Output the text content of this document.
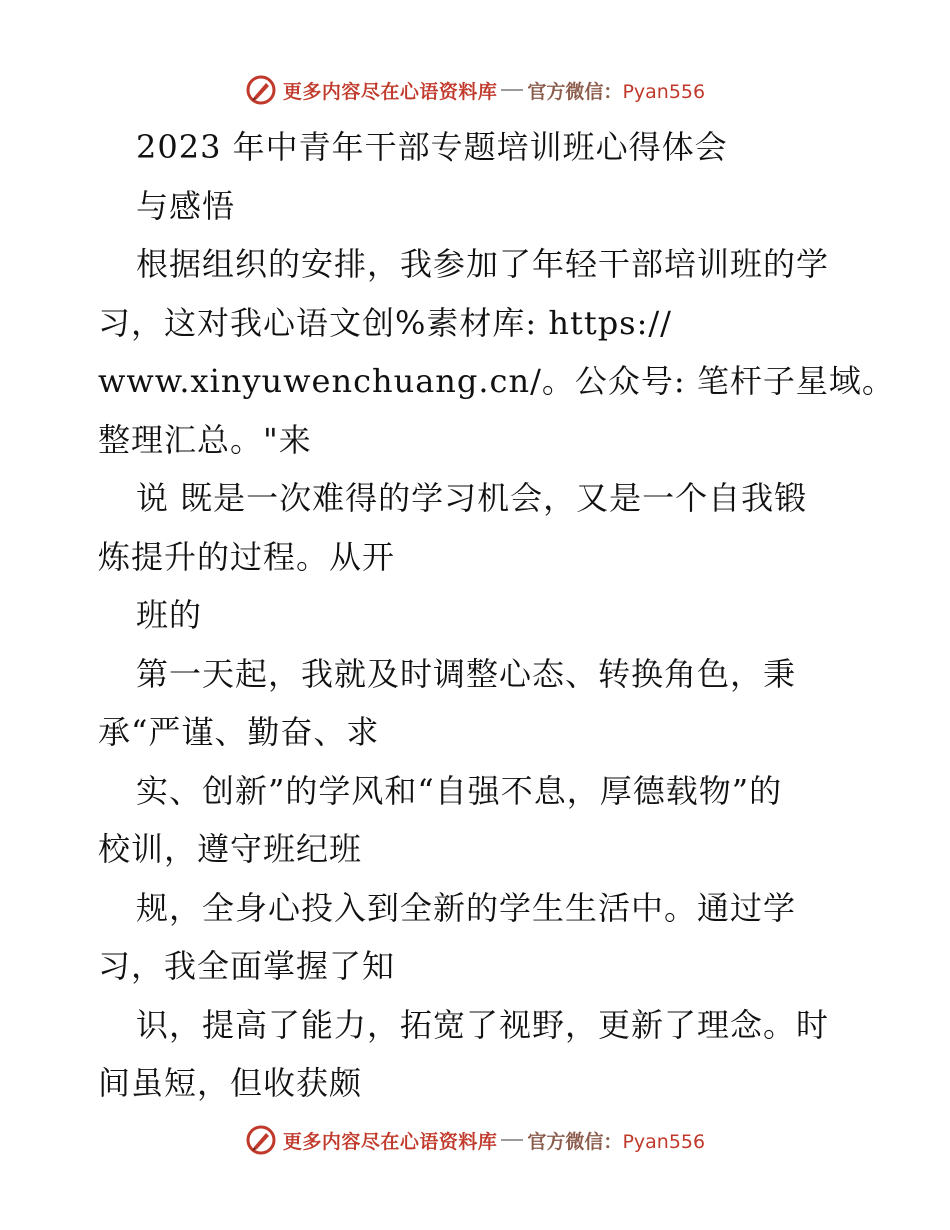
更多内容尽在心语资料库 官方微信：Pyan556
2023 年中青年干部专题培训班心得体会
与感悟
根据组织的安排，我参加了年轻干部培训班的学
习，这对我心语文创%素材库: https://
www.xinyuwenchuang.cn/。公众号: 笔杆子星域。
整理汇总。"来
说 既是一次难得的学习机会，又是一个自我锻
炼提升的过程。从开
班的
第一天起，我就及时调整心态、转换角色，秉
承“严谨、勤奋、求
实、创新”的学风和“自强不息，厚德载物”的
校训，遵守班纪班
规，全身心投入到全新的学生生活中。通过学
习，我全面掌握了知
识，提高了能力，拓宽了视野，更新了理念。时
间虽短，但收获颇
更多内容尽在心语资料库 官方微信：Pyan556
